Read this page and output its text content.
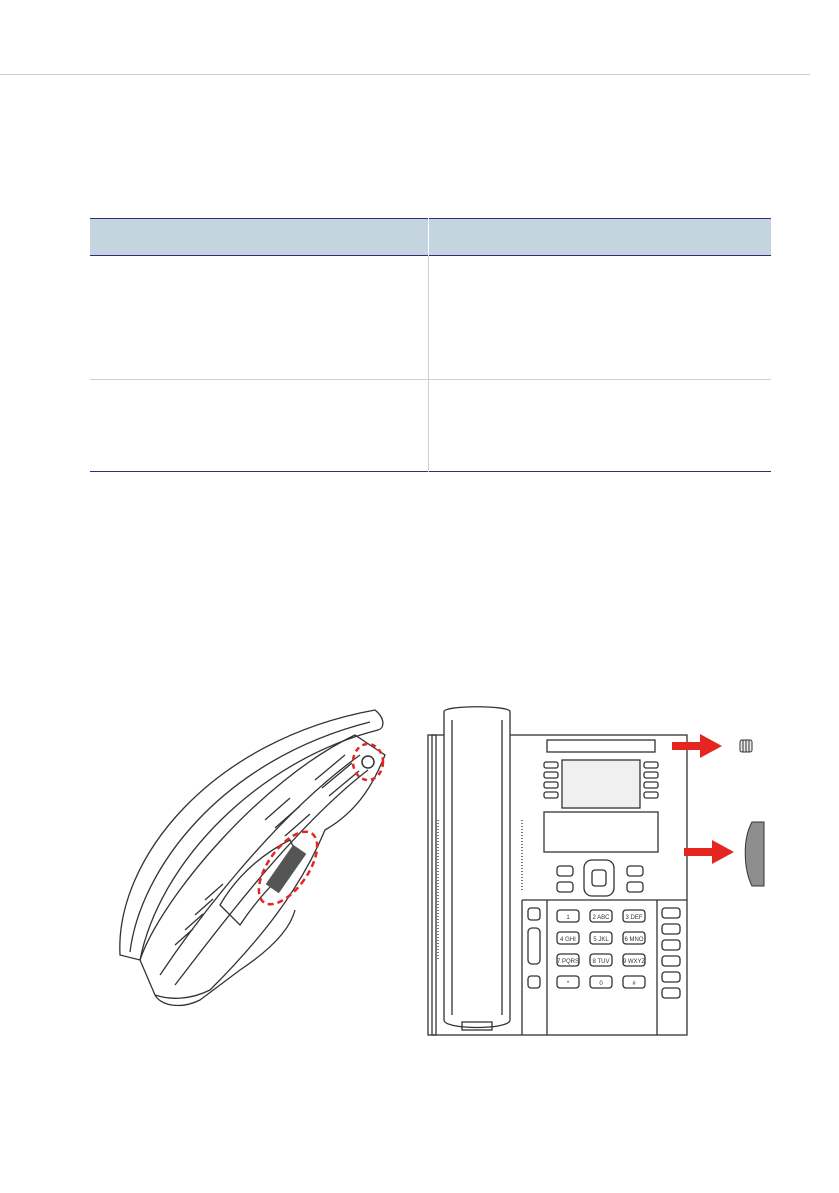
1	2 ABC	3 DEF
4 GHI	5 JKL	6 MNO
7 PQRS 8 TUV 9 WXYZ
*	0	#
